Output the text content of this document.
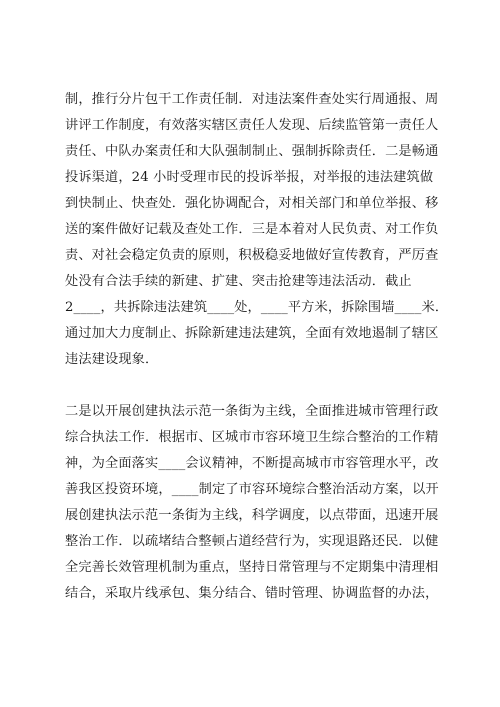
制，推行分片包干工作责任制．对违法案件查处实行周通报、周
讲评工作制度，有效落实辖区责任人发现、后续监管第一责任人
责任、中队办案责任和大队强制制止、强制拆除责任．二是畅通
投诉渠道，24 小时受理市民的投诉举报，对举报的违法建筑做
到快制止、快查处．强化协调配合，对相关部门和单位举报、移
送的案件做好记载及查处工作．三是本着对人民负责、对工作负
责、对社会稳定负责的原则，积极稳妥地做好宣传教育，严厉查
处没有合法手续的新建、扩建、突击抢建等违法活动．截止
2____，共拆除违法建筑____处，____平方米，拆除围墙____米．
通过加大力度制止、拆除新建违法建筑，全面有效地遏制了辖区
违法建设现象．
二是以开展创建执法示范一条街为主线，全面推进城市管理行政
综合执法工作．根据市、区城市市容环境卫生综合整治的工作精
神，为全面落实____会议精神，不断提高城市市容管理水平，改
善我区投资环境，____制定了市容环境综合整治活动方案，以开
展创建执法示范一条街为主线，科学调度，以点带面，迅速开展
整治工作．以疏堵结合整顿占道经营行为，实现退路还民．以健
全完善长效管理机制为重点，坚持日常管理与不定期集中清理相
结合，采取片线承包、集分结合、错时管理、协调监督的办法，
